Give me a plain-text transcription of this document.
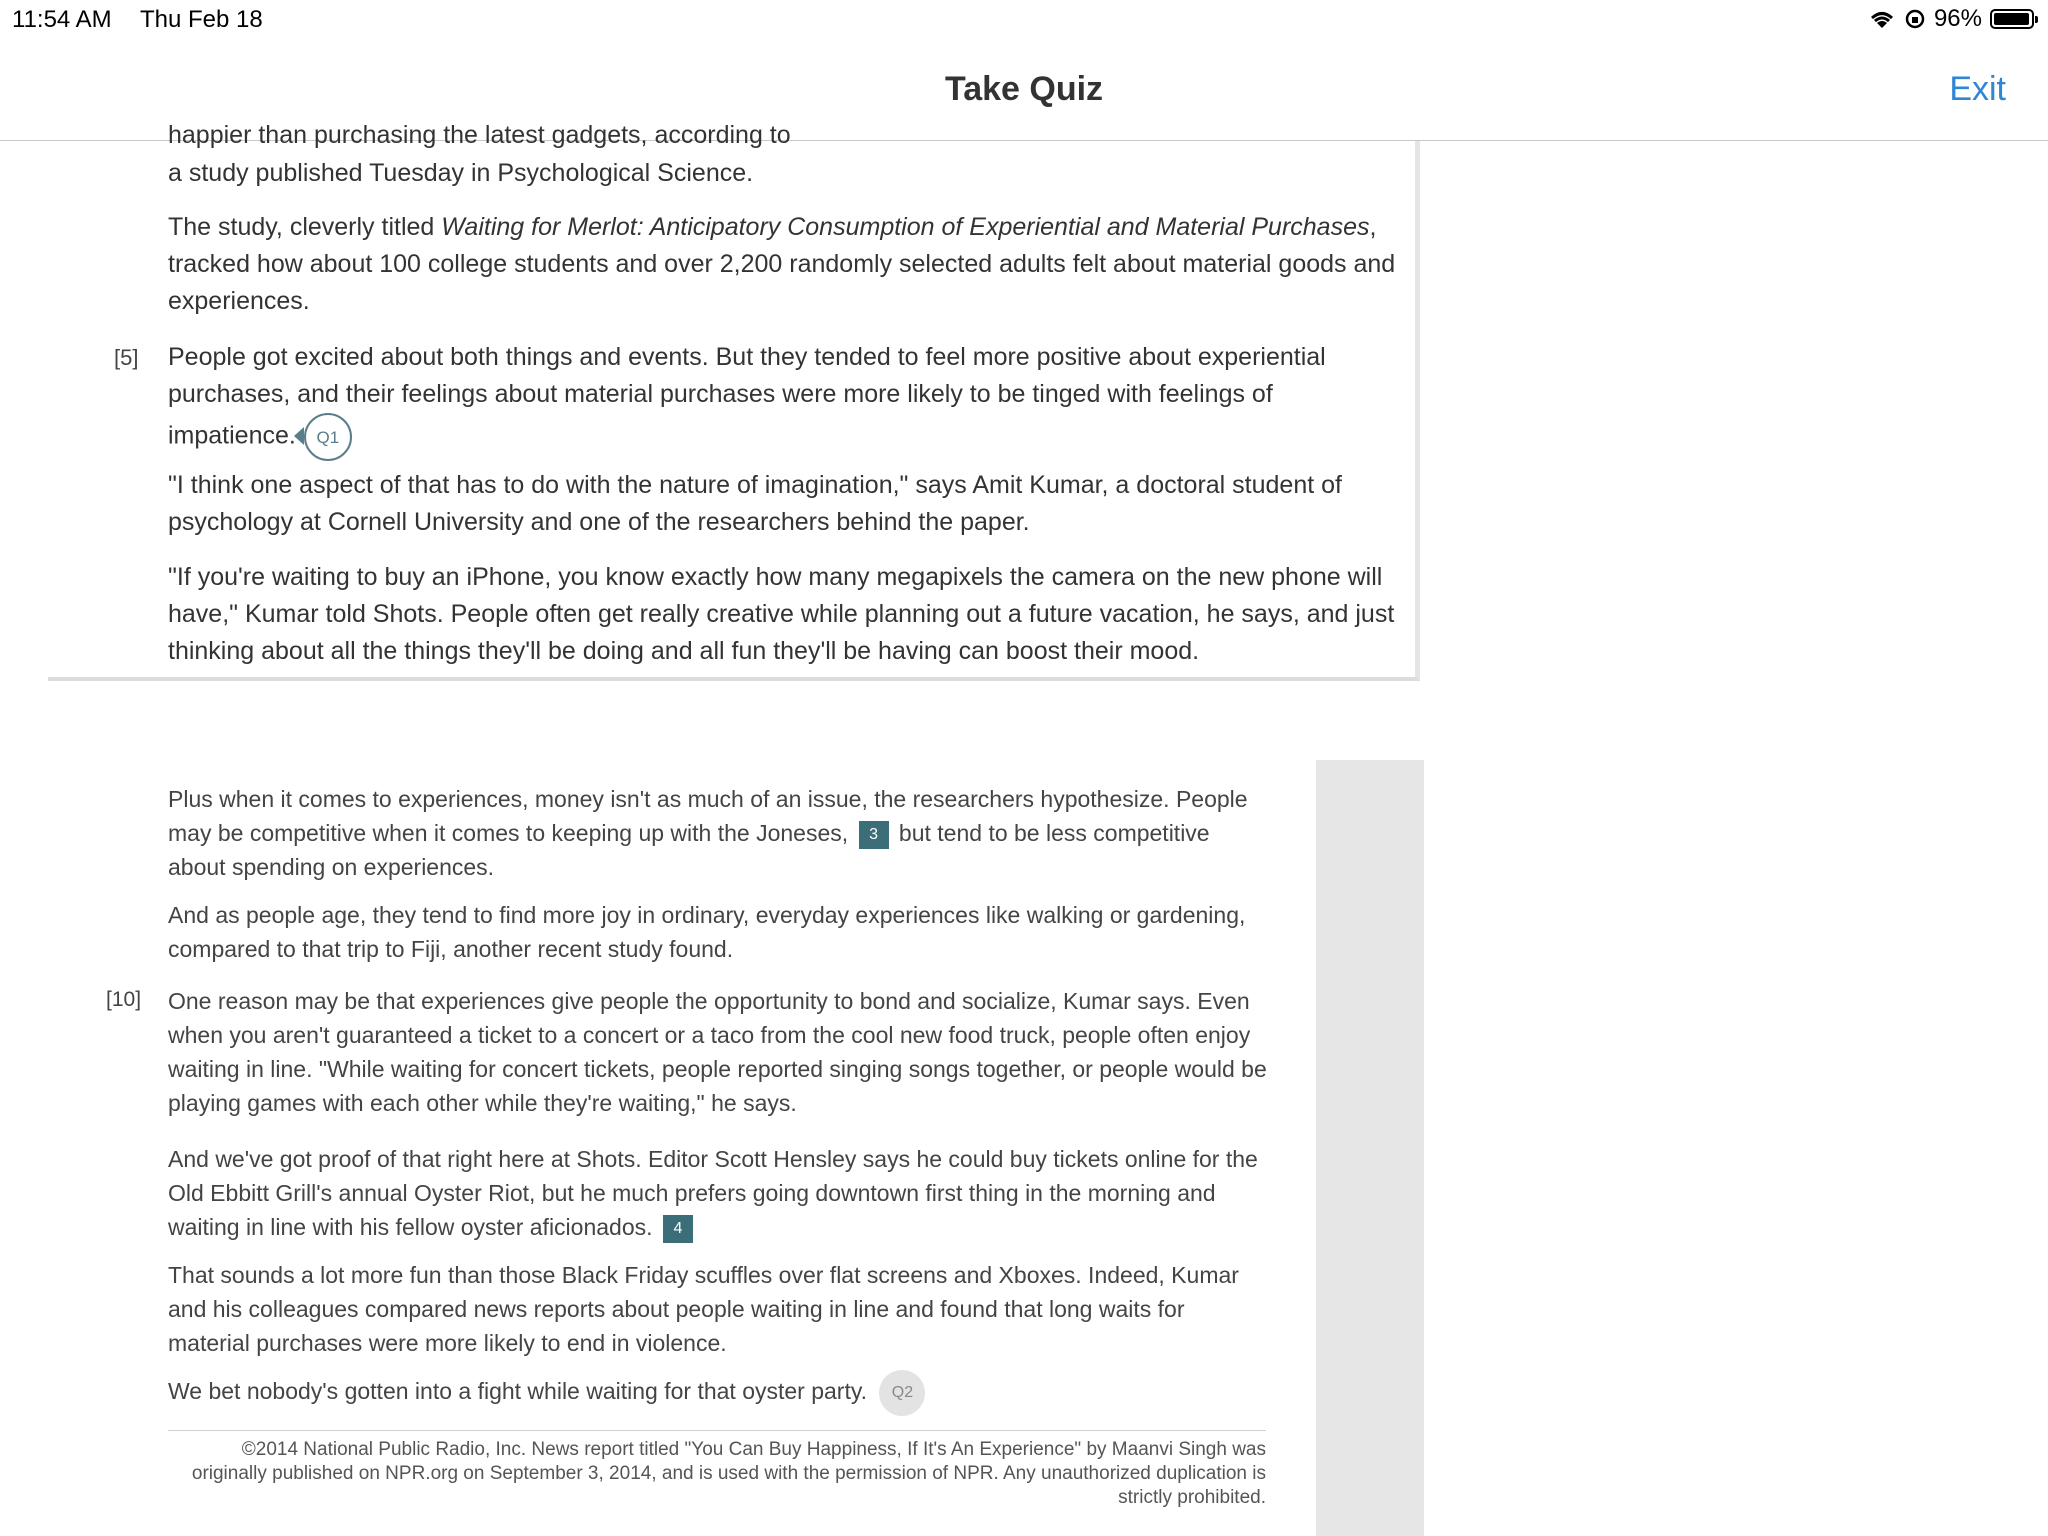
11:54 AM Thu Feb 18	96%
Take Quiz	Exit
happier than purchasing the latest gadgets, according to
a study published Tuesday in Psychological Science.
The study, cleverly titled Waiting for Merlot: Anticipatory Consumption of Experiential and Material Purchases, tracked how about 100 college students and over 2,200 randomly selected adults felt about material goods and experiences.
[5] People got excited about both things and events. But they tended to feel more positive about experiential purchases, and their feelings about material purchases were more likely to be tinged with feelings of impatience. Q1
"I think one aspect of that has to do with the nature of imagination," says Amit Kumar, a doctoral student of psychology at Cornell University and one of the researchers behind the paper.
"If you're waiting to buy an iPhone, you know exactly how many megapixels the camera on the new phone will have," Kumar told Shots. People often get really creative while planning out a future vacation, he says, and just thinking about all the things they'll be doing and all fun they'll be having can boost their mood.
Plus when it comes to experiences, money isn't as much of an issue, the researchers hypothesize. People may be competitive when it comes to keeping up with the Joneses, 3 but tend to be less competitive about spending on experiences.
And as people age, they tend to find more joy in ordinary, everyday experiences like walking or gardening, compared to that trip to Fiji, another recent study found.
[10] One reason may be that experiences give people the opportunity to bond and socialize, Kumar says. Even when you aren't guaranteed a ticket to a concert or a taco from the cool new food truck, people often enjoy waiting in line. "While waiting for concert tickets, people reported singing songs together, or people would be playing games with each other while they're waiting," he says.
And we've got proof of that right here at Shots. Editor Scott Hensley says he could buy tickets online for the Old Ebbitt Grill's annual Oyster Riot, but he much prefers going downtown first thing in the morning and waiting in line with his fellow oyster aficionados. 4
That sounds a lot more fun than those Black Friday scuffles over flat screens and Xboxes. Indeed, Kumar and his colleagues compared news reports about people waiting in line and found that long waits for material purchases were more likely to end in violence.
We bet nobody's gotten into a fight while waiting for that oyster party. Q2
©2014 National Public Radio, Inc. News report titled "You Can Buy Happiness, If It's An Experience" by Maanvi Singh was originally published on NPR.org on September 3, 2014, and is used with the permission of NPR. Any unauthorized duplication is strictly prohibited.
